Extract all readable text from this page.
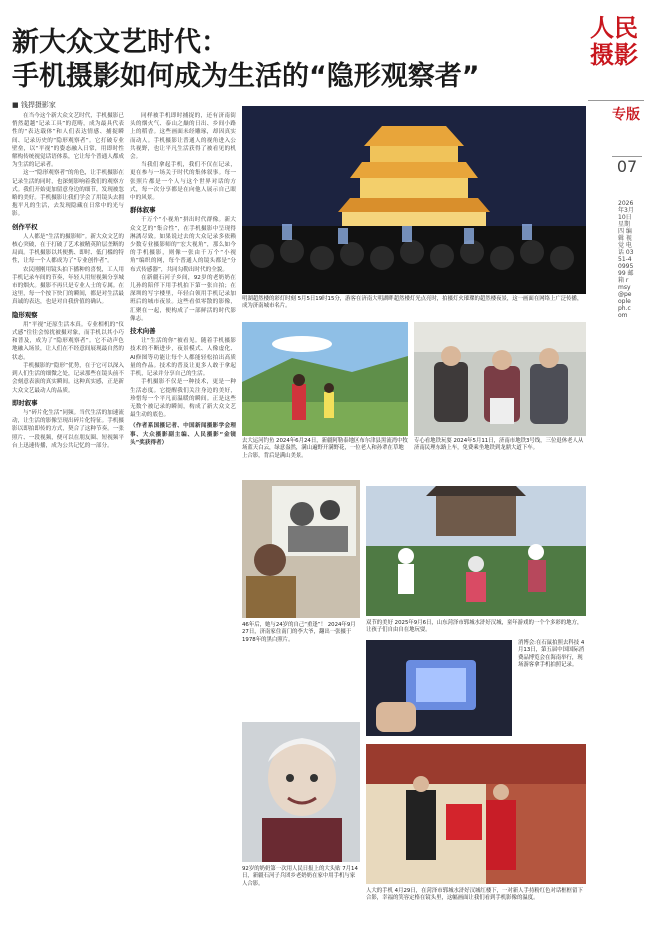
人民摄影
专版
07
2026年3月10日 星期四 编辑 视觉 电话 0351-4099599 邮箱 rmsy@peopleph.com
新大众文艺时代：
手机摄影如何成为生活的“隐形观察者”
■ 钱捍摄影家

在当今这个新大众文艺时代，手机摄影已悄然超越“记录工具”的范畴，成为最具代表性的“表达载体”和人们表达情感、捕捉瞬间、记录历史的“隐形观察者”。它打破专业壁垒，以“平视”的姿态融入日常，用即时性解构传统视觉话语体系，它让每个普通人都成为生活的记录者。

这一“隐形观察者”的角色，让手机摄影在记录生活的同时，也深刻影响着我们的观察方式。我们开始更加留意身边的细节，发现被忽略的美好。手机摄影让我们学会了用镜头去拥抱平凡的生活，去发现隐藏在日常中的光与影。

创作平权

人人都是“生活的摄影师”。新大众文艺的核心突破，在于打破了艺术被精英阶层垄断的局面。手机摄影以其便携、即时、低门槛的特性，让每一个人都成为了“专业创作者”。

农民刚刚用镜头拍下播种的喜悦，工人用手机记录车间的节奏，年轻人用短视频分享城市的烟火。摄影不再只是专业人士的专属。在这里，每一个按下快门的瞬间，都是对生活最真诚的表达，也是对自我价值的确认。

隐形观察

用“平视”还原生活本真。专业相机的“仪式感”往往会惊扰被摄对象，而手机以其小巧和普及，成为了“隐形观察者”。它不动声色地融入场景，让人们在不经意间展现最自然的状态。

手机摄影的“隐形”优势，在于它可以深入到人们生活的细微之处，记录那些在镜头前不会刻意表演的真实瞬间。这种真实感，正是新大众文艺最动人的品质。

即时叙事

与“碎片化生活”同频。当代生活的加速流动，让生活的影像呈现出碎片化特征。手机摄影以即拍即传的方式，契合了这种节奏。一张照片、一段视频，便可以在朋友圈、短视频平台上迅速传播，成为公共记忆的一部分。

同样被手机即时捕捉的，还有济南街头的烟火气、泰山之巅的日出、乡间小路上的稻香。这些画面未经雕琢，却因真实而动人。手机摄影让普通人的视角进入公共视野，也让平凡生活获得了被看见的机会。

当我们拿起手机，我们不仅在记录，更在参与一场关于时代的集体叙事。每一张照片都是一个人与这个世界对话的方式，每一次分享都是在向他人展示自己眼中的风景。

群体叙事

千万个“小视角”拼出时代群像。新大众文艺的“集合性”，在手机摄影中呈现得淋漓尽致。如果说过去的大众记录多依赖少数专业摄影师的“宏大视角”，那么如今的手机摄影，则像一张由千万个“小视角”编织的网，每个普通人的镜头都是“分布式传感器”，共同勾勒出时代的全貌。

在新疆石河子乡间，92岁的老奶奶在儿孙的陪伴下用手机拍下第一张自拍；在深圳的写字楼里，年轻白领用手机记录加班后的城市夜景。这些看似零散的影像，汇聚在一起，便构成了一部鲜活的时代影像志。

技术向善

让“生活的你”被看见。随着手机摄影技术的不断进步，夜景模式、人像虚化、AI修图等功能让每个人都能轻松拍出高质量的作品。技术的普及让更多人敢于拿起手机，记录并分享自己的生活。

手机摄影不仅是一种技术，更是一种生活态度。它提醒我们关注身边的美好，珍惜每一个平凡而温暖的瞬间。正是这些无数个被记录的瞬间，构成了新大众文艺最生动的底色。

（作者系国摄记者、中国新闻摄影学会理事、大众摄影副主编、人民摄影“金镜头”奖获得者）

明湖超然楼的彩灯时刻 5月5日19时15分，游客在济南大明湖畔超然楼灯光点亮时，拍摄灯火璀璨的超然楼夜景，这一画面在网络上广泛传播，成为济南城市名片。
去大运河钓鱼 2024年6月24日，新疆阿勒泰地区布尔津县黑流湾中牧场蓝天白云，绿意盎然，满山遍野开满野花，一位老人和孙辈在草地上合影，背后是满山美景。
专心看地铁玩耍 2024年5月11日，济南市地铁3号线，三位退休老人从济南民理东路上车，免费乘坐地铁到龙鼎大道下车。
46年后，她与24岁的自己“重逢”！ 2024年9月27日，济南家住南门的李大爷，翻出一张摄于1978年的黑白照片。
双节的美好 2025年9月6日，山东菏泽市郓城水浒好汉城，童年游戏的一个个多彩的地方，让孩子们自由自在地玩耍。
消博会:在石鼠拍照去科技 4月13日，第五届中国国际消费品博览会在海南举行，现场游客拿手机拍照记录。
92岁的奶奶第一次用人民日报上的大头贴 7月14日，新疆石河子兵团乡老奶奶在家中用手机与家人合影。
人大的手机 4月29日，在菏泽市郓城水浒好汉城红楼下，一对新人手持粉红色对话框框留下合影，幸福的笑容定格在镜头里，这幅画面让我们看到手机影像的温度。
